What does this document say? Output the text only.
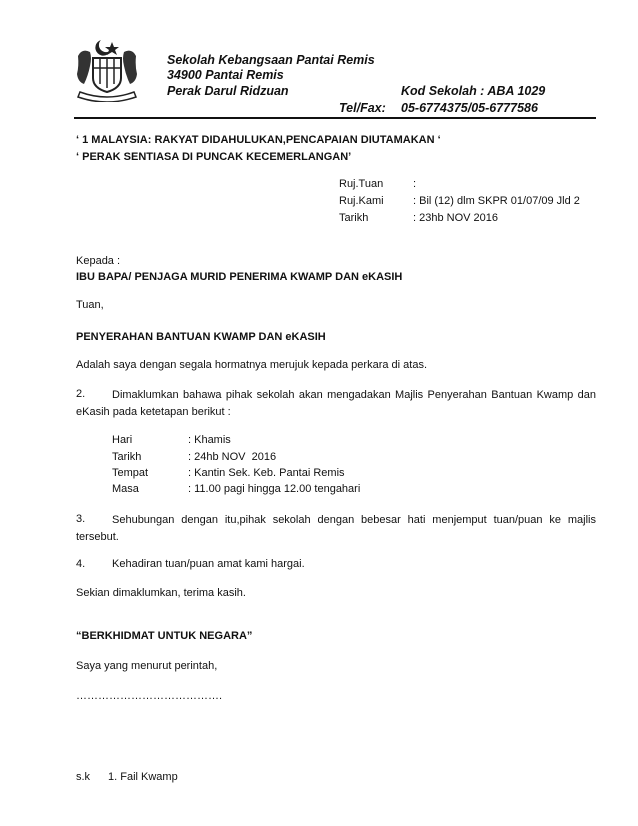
Sekolah Kebangsaan Pantai Remis
34900 Pantai Remis
Perak Darul Ridzuan	Kod Sekolah : ABA 1029
Tel/Fax: 05-6774375/05-6777586
‘ 1 MALAYSIA: RAKYAT DIDAHULUKAN,PENCAPAIAN DIUTAMAKAN ‘
‘ PERAK SENTIASA DI PUNCAK KECEMERLANGAN’
Ruj.Tuan	:
Ruj.Kami	: Bil (12) dlm SKPR 01/07/09 Jld 2
Tarikh	: 23hb NOV 2016
Kepada :
IBU BAPA/ PENJAGA MURID PENERIMA KWAMP DAN eKASIH
Tuan,
PENYERAHAN BANTUAN KWAMP DAN eKASIH
Adalah saya dengan segala hormatnya merujuk kepada perkara di atas.
2.	Dimaklumkan bahawa pihak sekolah akan mengadakan Majlis Penyerahan Bantuan Kwamp dan eKasih pada ketetapan berikut :
Hari	: Khamis
Tarikh	: 24hb NOV  2016
Tempat	: Kantin Sek. Keb. Pantai Remis
Masa	: 11.00 pagi hingga 12.00 tengahari
3.	Sehubungan dengan itu,pihak sekolah dengan bebesar hati menjemput tuan/puan ke majlis tersebut.
4. Kehadiran tuan/puan amat kami hargai.
Sekian dimaklumkan, terima kasih.
“BERKHIDMAT UNTUK NEGARA”
Saya yang menurut perintah,
………………………………….
s.k 1. Fail Kwamp
